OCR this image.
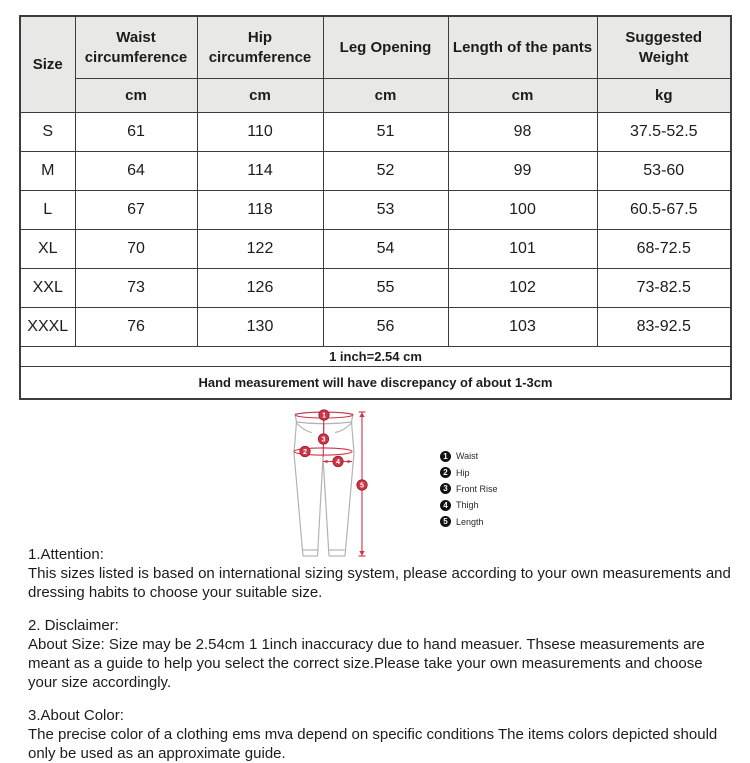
Size	Waist circumference	Hip circumference	Leg Opening	Length of the pants	Suggested Weight
	cm	cm	cm	cm	kg
S	61	110	51	98	37.5-52.5
M	64	114	52	99	53-60
L	67	118	53	100	60.5-67.5
XL	70	122	54	101	68-72.5
XXL	73	126	55	102	73-82.5
XXXL	76	130	56	103	83-92.5
1 inch=2.54 cm					
Hand measurement will have discrepancy of about 1-3cm					
1
2
3
4
5
1 Waist
2 Hip
3 Front Rise
4 Thigh
5 Length
1.Attention:
This sizes listed is based on international sizing system, please according to your own measurements and dressing habits to choose your suitable size.
2. Disclaimer:
About Size: Size may be 2.54cm 1 1inch inaccuracy due to hand measuer. Thsese measurements are meant as a guide to help you select the correct size.Please take your own measurements and choose your size accordingly.
3.About Color:
The precise color of a clothing ems mva depend on specific conditions The items colors depicted should only be used as an approximate guide.
